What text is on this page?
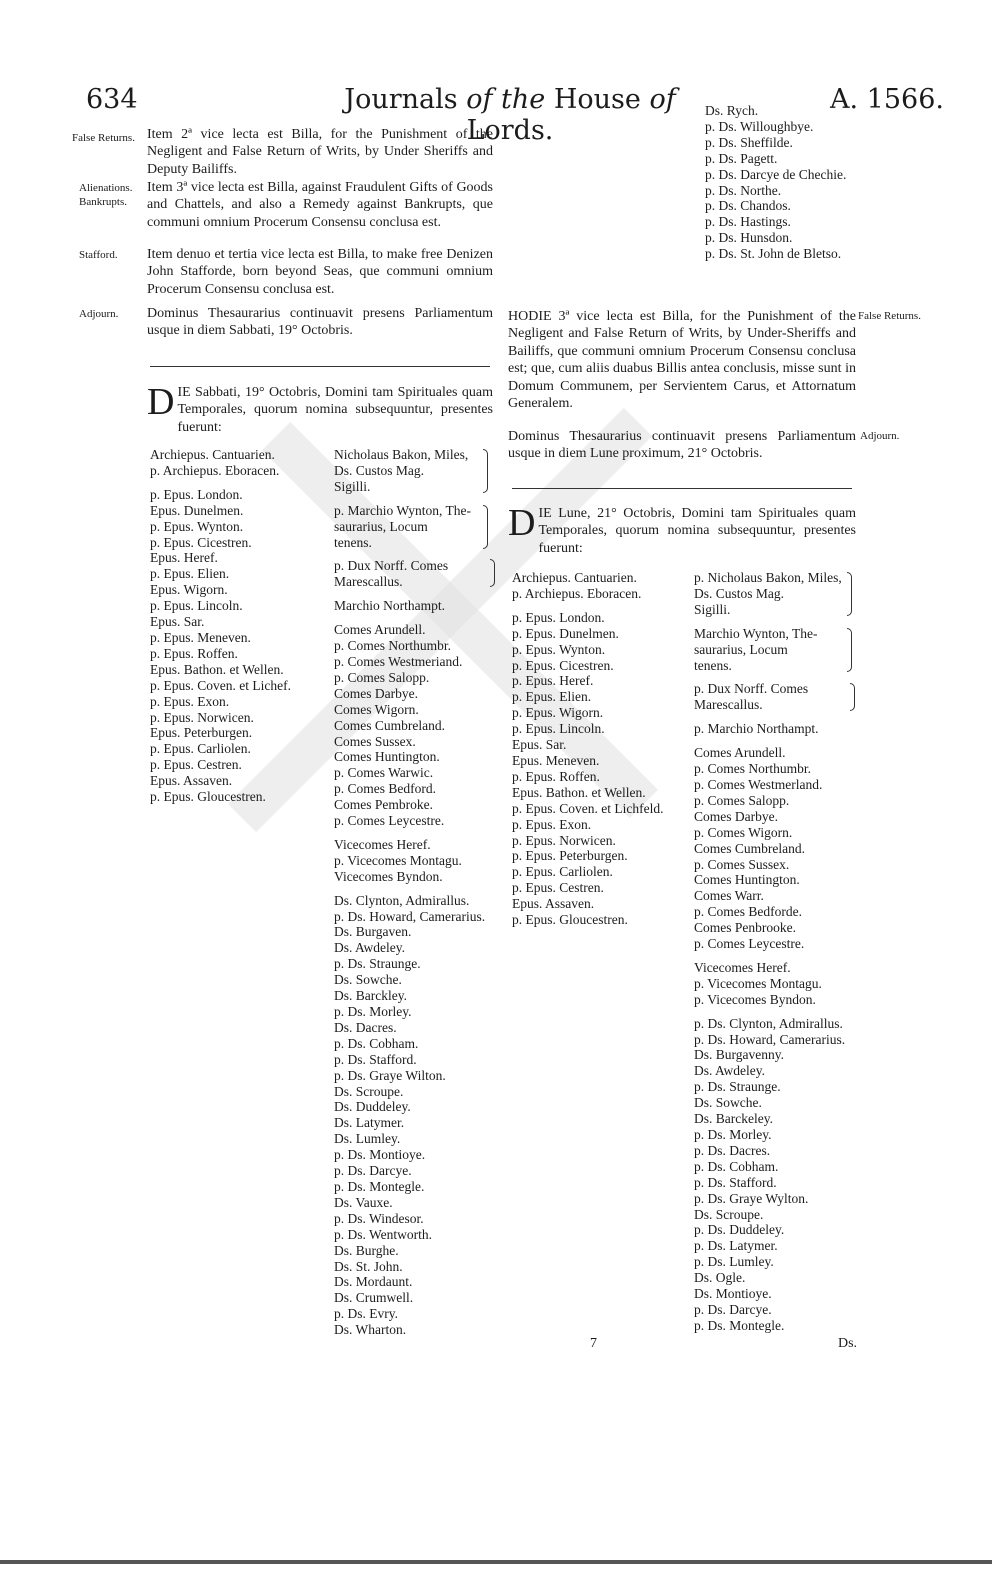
634	Journals of the House of Lords.
A. 1566.
False Returns.
Alienations.
Bankrupts.
Stafford.
Adjourn.
Item 2ª vice lecta est Billa, for the Punishment of the Negligent and False Return of Writs, by Under Sheriffs and Deputy Bailiffs.
Item 3ª vice lecta est Billa, against Fraudulent Gifts of Goods and Chattels, and also a Remedy against Bankrupts, que communi omnium Procerum Consensu conclusa est.
Item denuo et tertia vice lecta est Billa, to make free Denizen John Stafforde, born beyond Seas, que communi omnium Procerum Consensu conclusa est.
Dominus Thesaurarius continuavit presens Parliamentum usque in diem Sabbati, 19° Octobris.
DIE Sabbati, 19° Octobris, Domini tam Spirituales quam Temporales, quorum nomina subsequuntur, presentes fuerunt:
Archiepus. Cantuarien.
p. Archiepus. Eboracen.
p. Epus. London.
Epus. Dunelmen.
p. Epus. Wynton.
p. Epus. Cicestren.
Epus. Heref.
p. Epus. Elien.
Epus. Wigorn.
p. Epus. Lincoln.
Epus. Sar.
p. Epus. Meneven.
p. Epus. Roffen.
Epus. Bathon. et Wellen.
p. Epus. Coven. et Lichef.
p. Epus. Exon.
p. Epus. Norwicen.
Epus. Peterburgen.
p. Epus. Carliolen.
p. Epus. Cestren.
Epus. Assaven.
p. Epus. Gloucestren.
Nicholaus Bakon, Miles,
Ds. Custos Mag.
Sigilli.
p. Marchio Wynton, The-
saurarius, Locum
tenens.
p. Dux Norff. Comes
Marescallus.
Marchio Northampt.
Comes Arundell.
p. Comes Northumbr.
p. Comes Westmeriand.
p. Comes Salopp.
Comes Darbye.
Comes Wigorn.
Comes Cumbreland.
Comes Sussex.
Comes Huntington.
p. Comes Warwic.
p. Comes Bedford.
Comes Pembroke.
p. Comes Leycestre.
Vicecomes Heref.
p. Vicecomes Montagu.
Vicecomes Byndon.
Ds. Clynton, Admirallus.
p. Ds. Howard, Camerarius.
Ds. Burgaven.
Ds. Awdeley.
p. Ds. Straunge.
Ds. Sowche.
Ds. Barckley.
p. Ds. Morley.
Ds. Dacres.
p. Ds. Cobham.
p. Ds. Stafford.
p. Ds. Graye Wilton.
Ds. Scroupe.
Ds. Duddeley.
Ds. Latymer.
Ds. Lumley.
p. Ds. Montioye.
p. Ds. Darcye.
p. Ds. Montegle.
Ds. Vauxe.
p. Ds. Windesor.
p. Ds. Wentworth.
Ds. Burghe.
Ds. St. John.
Ds. Mordaunt.
Ds. Crumwell.
p. Ds. Evry.
Ds. Wharton.
Ds. Rych.
p. Ds. Willoughbye.
p. Ds. Sheffilde.
p. Ds. Pagett.
p. Ds. Darcye de Chechie.
p. Ds. Northe.
p. Ds. Chandos.
p. Ds. Hastings.
p. Ds. Hunsdon.
p. Ds. St. John de Bletso.
False Returns.
Adjourn.
HODIE 3ª vice lecta est Billa, for the Punishment of the Negligent and False Return of Writs, by Under-Sheriffs and Bailiffs, que communi omnium Procerum Consensu conclusa est; que, cum aliis duabus Billis antea conclusis, misse sunt in Domum Communem, per Servientem Carus, et Attornatum Generalem.
Dominus Thesaurarius continuavit presens Parliamentum usque in diem Lune proximum, 21° Octobris.
DIE Lune, 21° Octobris, Domini tam Spirituales quam Temporales, quorum nomina subsequuntur, presentes fuerunt:
Archiepus. Cantuarien.
p. Archiepus. Eboracen.
p. Epus. London.
p. Epus. Dunelmen.
p. Epus. Wynton.
p. Epus. Cicestren.
p. Epus. Heref.
p. Epus. Elien.
p. Epus. Wigorn.
p. Epus. Lincoln.
Epus. Sar.
Epus. Meneven.
p. Epus. Roffen.
Epus. Bathon. et Wellen.
p. Epus. Coven. et Lichfeld.
p. Epus. Exon.
p. Epus. Norwicen.
p. Epus. Peterburgen.
p. Epus. Carliolen.
p. Epus. Cestren.
Epus. Assaven.
p. Epus. Gloucestren.
p. Nicholaus Bakon, Miles,
Ds. Custos Mag.
Sigilli.
Marchio Wynton, The-
saurarius, Locum
tenens.
p. Dux Norff. Comes
Marescallus.
p. Marchio Northampt.
Comes Arundell.
p. Comes Northumbr.
p. Comes Westmerland.
p. Comes Salopp.
Comes Darbye.
p. Comes Wigorn.
Comes Cumbreland.
p. Comes Sussex.
Comes Huntington.
Comes Warr.
p. Comes Bedforde.
Comes Penbrooke.
p. Comes Leycestre.
Vicecomes Heref.
p. Vicecomes Montagu.
p. Vicecomes Byndon.
p. Ds. Clynton, Admirallus.
p. Ds. Howard, Camerarius.
Ds. Burgavenny.
Ds. Awdeley.
p. Ds. Straunge.
Ds. Sowche.
Ds. Barckeley.
p. Ds. Morley.
p. Ds. Dacres.
p. Ds. Cobham.
p. Ds. Stafford.
p. Ds. Graye Wylton.
Ds. Scroupe.
p. Ds. Duddeley.
p. Ds. Latymer.
p. Ds. Lumley.
Ds. Ogle.
Ds. Montioye.
p. Ds. Darcye.
p. Ds. Montegle.
7	Ds.
